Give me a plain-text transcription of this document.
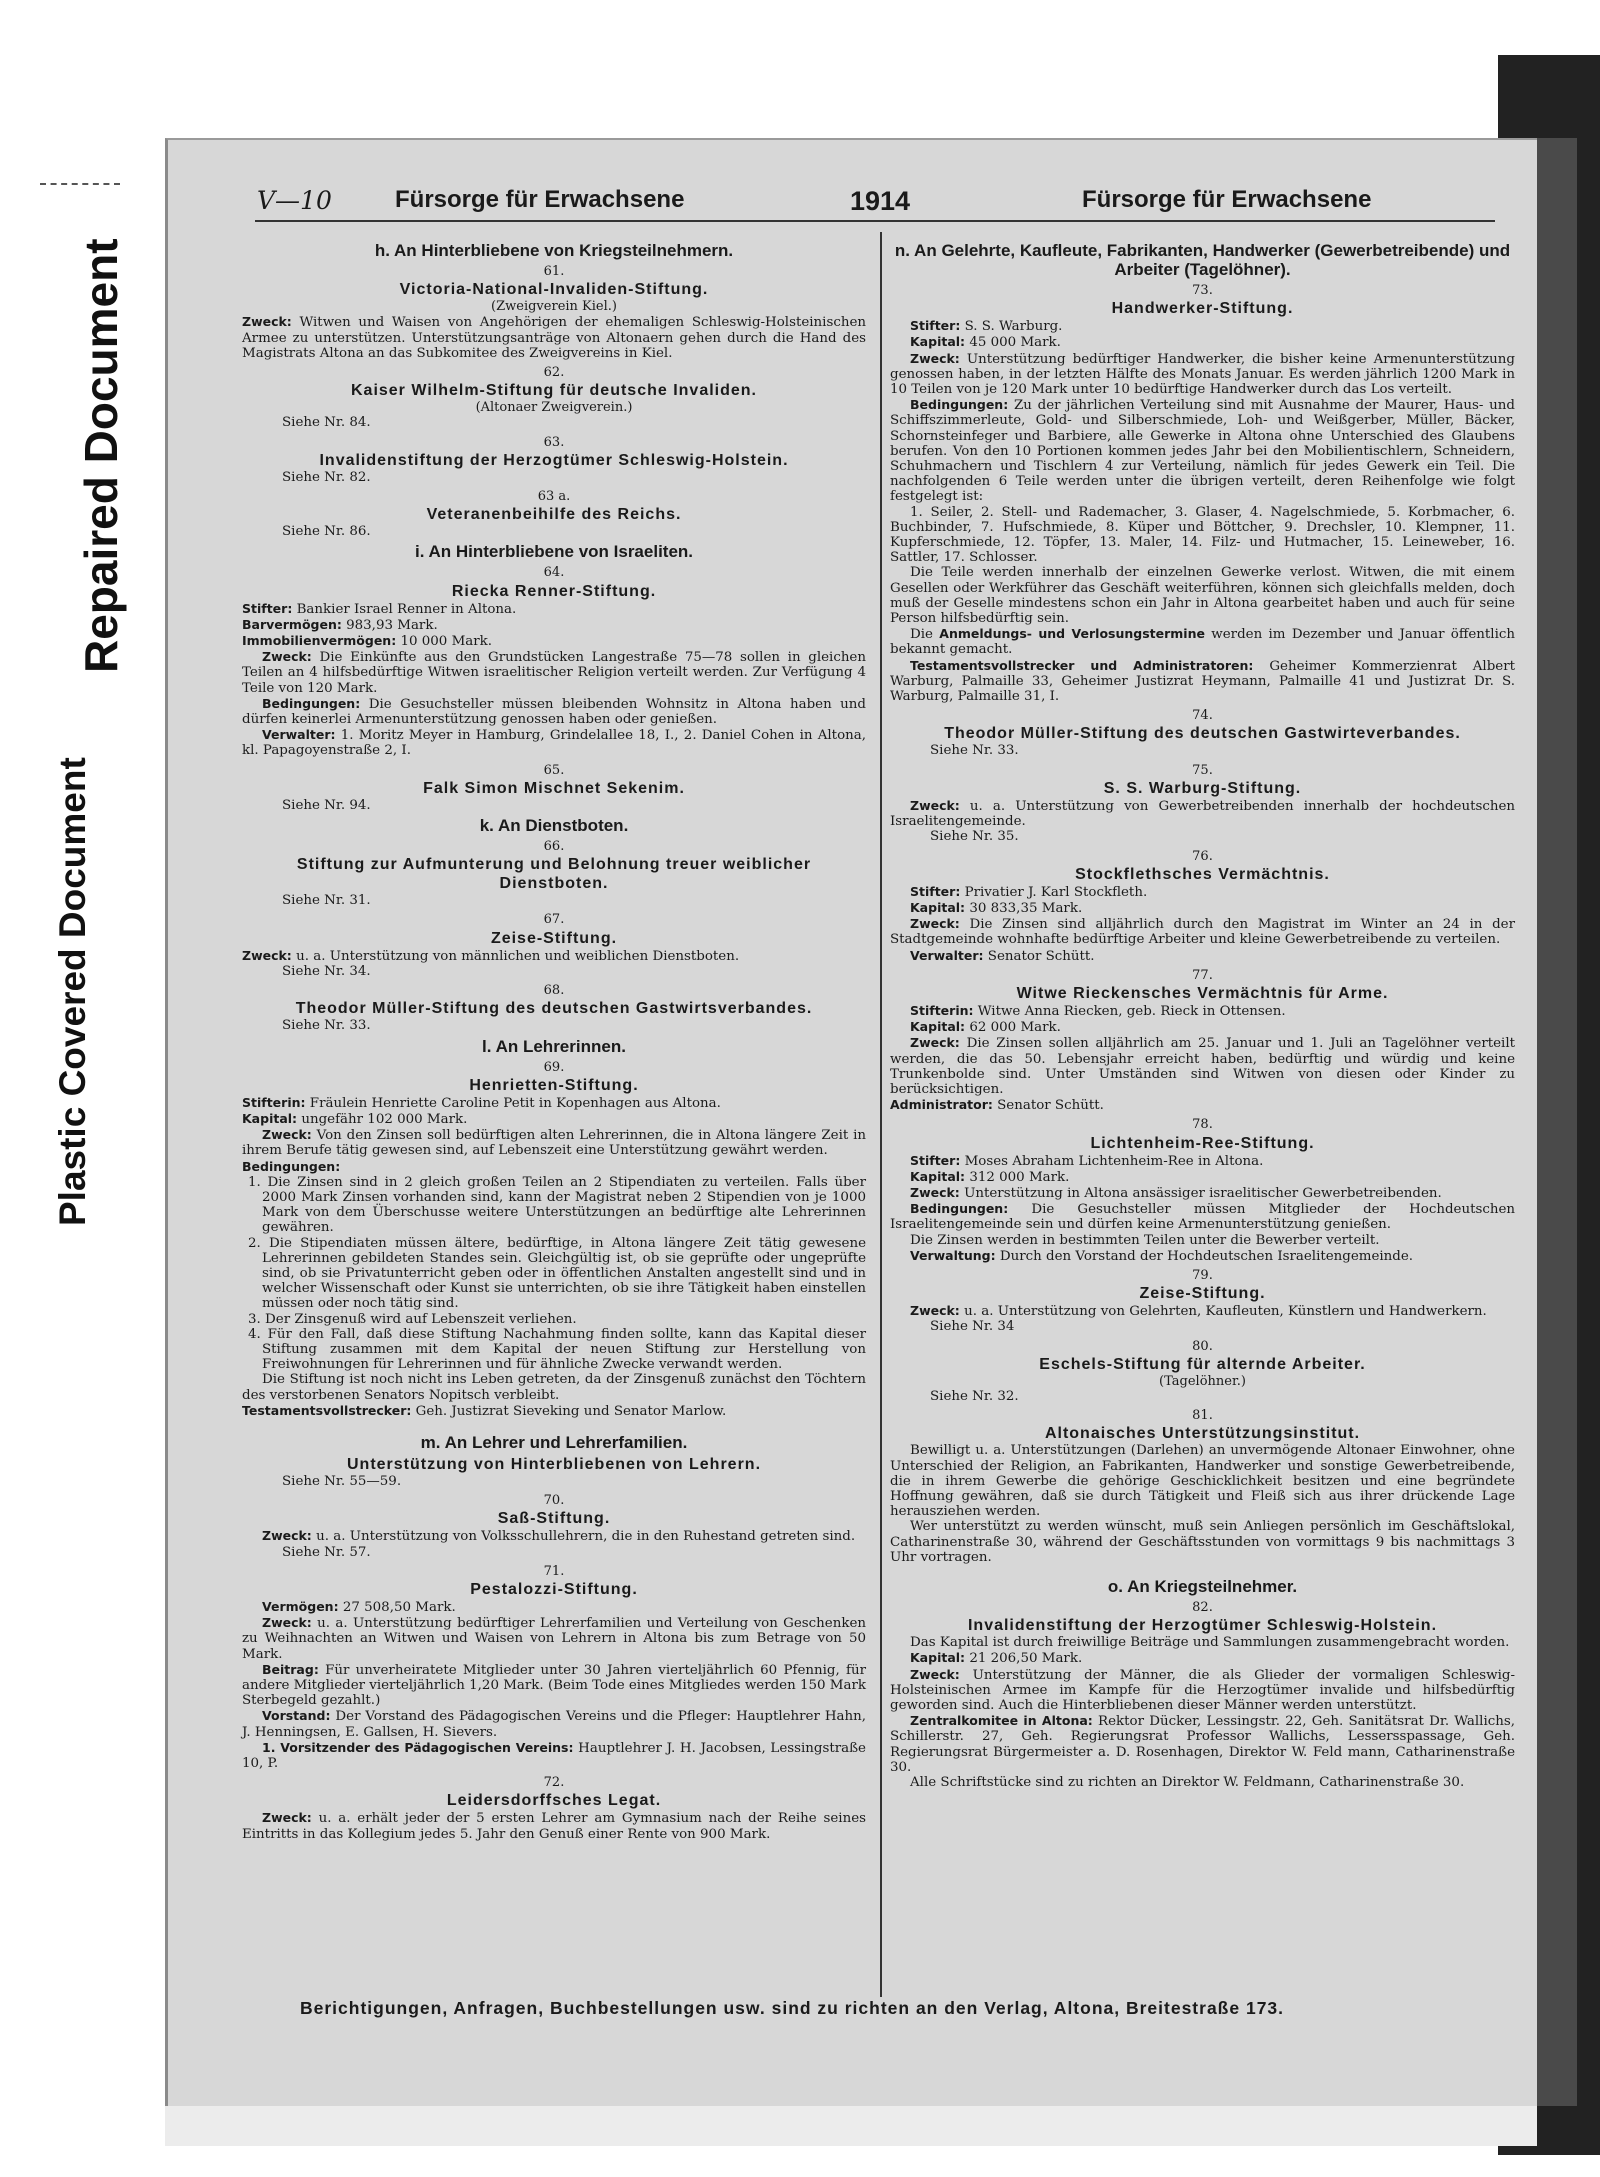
Repaired Document
Plastic Covered Document
V—10	Fürsorge für Erwachsene	1914	Fürsorge für Erwachsene
h. An Hinterbliebene von Kriegsteilnehmern.
61.
Victoria-National-Invaliden-Stiftung.
(Zweigverein Kiel.)

Zweck: Witwen und Waisen von Angehörigen der ehemaligen Schleswig-Holsteinischen Armee zu unterstützen. Unterstützungsanträge von Altonaern gehen durch die Hand des Magistrats Altona an das Subkomitee des Zweigvereins in Kiel.

62.
Kaiser Wilhelm-Stiftung für deutsche Invaliden.
(Altonaer Zweigverein.)

Siehe Nr. 84.

63.
Invalidenstiftung der Herzogtümer Schleswig-Holstein.

Siehe Nr. 82.

63 a.
Veteranenbeihilfe des Reichs.

Siehe Nr. 86.

i. An Hinterbliebene von Israeliten.
64.
Riecka Renner-Stiftung.

Stifter: Bankier Israel Renner in Altona.

Barvermögen: 983,93 Mark.

Immobilienvermögen: 10 000 Mark.

Zweck: Die Einkünfte aus den Grundstücken Langestraße 75—78 sollen in gleichen Teilen an 4 hilfsbedürftige Witwen israelitischer Religion verteilt werden. Zur Verfügung 4 Teile von 120 Mark.

Bedingungen: Die Gesuchsteller müssen bleibenden Wohnsitz in Altona haben und dürfen keinerlei Armenunterstützung genossen haben oder genießen.

Verwalter: 1. Moritz Meyer in Hamburg, Grindelallee 18, I., 2. Daniel Cohen in Altona, kl. Papagoyenstraße 2, I.

65.
Falk Simon Mischnet Sekenim.

Siehe Nr. 94.

k. An Dienstboten.
66.
Stiftung zur Aufmunterung und Belohnung treuer weiblicher Dienstboten.

Siehe Nr. 31.

67.
Zeise-Stiftung.

Zweck: u. a. Unterstützung von männlichen und weiblichen Dienstboten.

Siehe Nr. 34.

68.
Theodor Müller-Stiftung des deutschen Gastwirtsverbandes.

Siehe Nr. 33.

l. An Lehrerinnen.
69.
Henrietten-Stiftung.

Stifterin: Fräulein Henriette Caroline Petit in Kopenhagen aus Altona.

Kapital: ungefähr 102 000 Mark.

Zweck: Von den Zinsen soll bedürftigen alten Lehrerinnen, die in Altona längere Zeit in ihrem Berufe tätig gewesen sind, auf Lebenszeit eine Unterstützung gewährt werden.

Bedingungen:

1. Die Zinsen sind in 2 gleich großen Teilen an 2 Stipendiaten zu verteilen. Falls über 2000 Mark Zinsen vorhanden sind, kann der Magistrat neben 2 Stipendien von je 1000 Mark von dem Überschusse weitere Unterstützungen an bedürftige alte Lehrerinnen gewähren.

2. Die Stipendiaten müssen ältere, bedürftige, in Altona längere Zeit tätig gewesene Lehrerinnen gebildeten Standes sein. Gleichgültig ist, ob sie geprüfte oder ungeprüfte sind, ob sie Privatunterricht geben oder in öffentlichen Anstalten angestellt sind und in welcher Wissenschaft oder Kunst sie unterrichten, ob sie ihre Tätigkeit haben einstellen müssen oder noch tätig sind.

3. Der Zinsgenuß wird auf Lebenszeit verliehen.

4. Für den Fall, daß diese Stiftung Nachahmung finden sollte, kann das Kapital dieser Stiftung zusammen mit dem Kapital der neuen Stiftung zur Herstellung von Freiwohnungen für Lehrerinnen und für ähnliche Zwecke verwandt werden.

Die Stiftung ist noch nicht ins Leben getreten, da der Zinsgenuß zunächst den Töchtern des verstorbenen Senators Nopitsch verbleibt.

Testamentsvollstrecker: Geh. Justizrat Sieveking und Senator Marlow.

m. An Lehrer und Lehrerfamilien.
Unterstützung von Hinterbliebenen von Lehrern.

Siehe Nr. 55—59.

70.
Saß-Stiftung.

Zweck: u. a. Unterstützung von Volksschullehrern, die in den Ruhestand getreten sind.

Siehe Nr. 57.

71.
Pestalozzi-Stiftung.

Vermögen: 27 508,50 Mark.

Zweck: u. a. Unterstützung bedürftiger Lehrerfamilien und Verteilung von Geschenken zu Weihnachten an Witwen und Waisen von Lehrern in Altona bis zum Betrage von 50 Mark.

Beitrag: Für unverheiratete Mitglieder unter 30 Jahren vierteljährlich 60 Pfennig, für andere Mitglieder vierteljährlich 1,20 Mark. (Beim Tode eines Mitgliedes werden 150 Mark Sterbegeld gezahlt.)

Vorstand: Der Vorstand des Pädagogischen Vereins und die Pfleger: Hauptlehrer Hahn, J. Henningsen, E. Gallsen, H. Sievers.

1. Vorsitzender des Pädagogischen Vereins: Hauptlehrer J. H. Jacobsen, Lessingstraße 10, P.

72.
Leidersdorffsches Legat.

Zweck: u. a. erhält jeder der 5 ersten Lehrer am Gymnasium nach der Reihe seines Eintritts in das Kollegium jedes 5. Jahr den Genuß einer Rente von 900 Mark.

n. An Gelehrte, Kaufleute, Fabrikanten, Handwerker (Gewerbetreibende) und Arbeiter (Tagelöhner).
73.
Handwerker-Stiftung.

Stifter: S. S. Warburg.

Kapital: 45 000 Mark.

Zweck: Unterstützung bedürftiger Handwerker, die bisher keine Armenunterstützung genossen haben, in der letzten Hälfte des Monats Januar. Es werden jährlich 1200 Mark in 10 Teilen von je 120 Mark unter 10 bedürftige Handwerker durch das Los verteilt.

Bedingungen: Zu der jährlichen Verteilung sind mit Ausnahme der Maurer, Haus- und Schiffszimmerleute, Gold- und Silberschmiede, Loh- und Weißgerber, Müller, Bäcker, Schornsteinfeger und Barbiere, alle Gewerke in Altona ohne Unterschied des Glaubens berufen. Von den 10 Portionen kommen jedes Jahr bei den Mobilientischlern, Schneidern, Schuhmachern und Tischlern 4 zur Verteilung, nämlich für jedes Gewerk ein Teil. Die nachfolgenden 6 Teile werden unter die übrigen verteilt, deren Reihenfolge wie folgt festgelegt ist:

1. Seiler, 2. Stell- und Rademacher, 3. Glaser, 4. Nagelschmiede, 5. Korbmacher, 6. Buchbinder, 7. Hufschmiede, 8. Küper und Böttcher, 9. Drechsler, 10. Klempner, 11. Kupferschmiede, 12. Töpfer, 13. Maler, 14. Filz- und Hutmacher, 15. Leineweber, 16. Sattler, 17. Schlosser.

Die Teile werden innerhalb der einzelnen Gewerke verlost. Witwen, die mit einem Gesellen oder Werkführer das Geschäft weiterführen, können sich gleichfalls melden, doch muß der Geselle mindestens schon ein Jahr in Altona gearbeitet haben und auch für seine Person hilfsbedürftig sein.

Die Anmeldungs- und Verlosungstermine werden im Dezember und Januar öffentlich bekannt gemacht.

Testamentsvollstrecker und Administratoren: Geheimer Kommerzienrat Albert Warburg, Palmaille 33, Geheimer Justizrat Heymann, Palmaille 41 und Justizrat Dr. S. Warburg, Palmaille 31, I.

74.
Theodor Müller-Stiftung des deutschen Gastwirteverbandes.

Siehe Nr. 33.

75.
S. S. Warburg-Stiftung.

Zweck: u. a. Unterstützung von Gewerbetreibenden innerhalb der hochdeutschen Israelitengemeinde.

Siehe Nr. 35.

76.
Stockflethsches Vermächtnis.

Stifter: Privatier J. Karl Stockfleth.

Kapital: 30 833,35 Mark.

Zweck: Die Zinsen sind alljährlich durch den Magistrat im Winter an 24 in der Stadtgemeinde wohnhafte bedürftige Arbeiter und kleine Gewerbetreibende zu verteilen.

Verwalter: Senator Schütt.

77.
Witwe Rieckensches Vermächtnis für Arme.

Stifterin: Witwe Anna Riecken, geb. Rieck in Ottensen.

Kapital: 62 000 Mark.

Zweck: Die Zinsen sollen alljährlich am 25. Januar und 1. Juli an Tagelöhner verteilt werden, die das 50. Lebensjahr erreicht haben, bedürftig und würdig und keine Trunkenbolde sind. Unter Umständen sind Witwen von diesen oder Kinder zu berücksichtigen.

Administrator: Senator Schütt.

78.
Lichtenheim-Ree-Stiftung.

Stifter: Moses Abraham Lichtenheim-Ree in Altona.

Kapital: 312 000 Mark.

Zweck: Unterstützung in Altona ansässiger israelitischer Gewerbetreibenden.

Bedingungen: Die Gesuchsteller müssen Mitglieder der Hochdeutschen Israelitengemeinde sein und dürfen keine Armenunterstützung genießen.

Die Zinsen werden in bestimmten Teilen unter die Bewerber verteilt.

Verwaltung: Durch den Vorstand der Hochdeutschen Israelitengemeinde.

79.
Zeise-Stiftung.

Zweck: u. a. Unterstützung von Gelehrten, Kaufleuten, Künstlern und Handwerkern.

Siehe Nr. 34

80.
Eschels-Stiftung für alternde Arbeiter.
(Tagelöhner.)

Siehe Nr. 32.

81.
Altonaisches Unterstützungsinstitut.

Bewilligt u. a. Unterstützungen (Darlehen) an unvermögende Altonaer Einwohner, ohne Unterschied der Religion, an Fabrikanten, Handwerker und sonstige Gewerbetreibende, die in ihrem Gewerbe die gehörige Geschicklichkeit besitzen und eine begründete Hoffnung gewähren, daß sie durch Tätigkeit und Fleiß sich aus ihrer drückende Lage herausziehen werden.

Wer unterstützt zu werden wünscht, muß sein Anliegen persönlich im Geschäftslokal, Catharinenstraße 30, während der Geschäftsstunden von vormittags 9 bis nachmittags 3 Uhr vortragen.

o. An Kriegsteilnehmer.
82.
Invalidenstiftung der Herzogtümer Schleswig-Holstein.

Das Kapital ist durch freiwillige Beiträge und Sammlungen zusammengebracht worden.

Kapital: 21 206,50 Mark.

Zweck: Unterstützung der Männer, die als Glieder der vormaligen Schleswig-Holsteinischen Armee im Kampfe für die Herzogtümer invalide und hilfsbedürftig geworden sind. Auch die Hinterbliebenen dieser Männer werden unterstützt.

Zentralkomitee in Altona: Rektor Dücker, Lessingstr. 22, Geh. Sanitätsrat Dr. Wallichs, Schillerstr. 27, Geh. Regierungsrat Professor Wallichs, Lessersspassage, Geh. Regierungsrat Bürgermeister a. D. Rosenhagen, Direktor W. Feld mann, Catharinenstraße 30.

Alle Schriftstücke sind zu richten an Direktor W. Feldmann, Catharinenstraße 30.

Berichtigungen, Anfragen, Buchbestellungen usw. sind zu richten an den Verlag, Altona, Breitestraße 173.
